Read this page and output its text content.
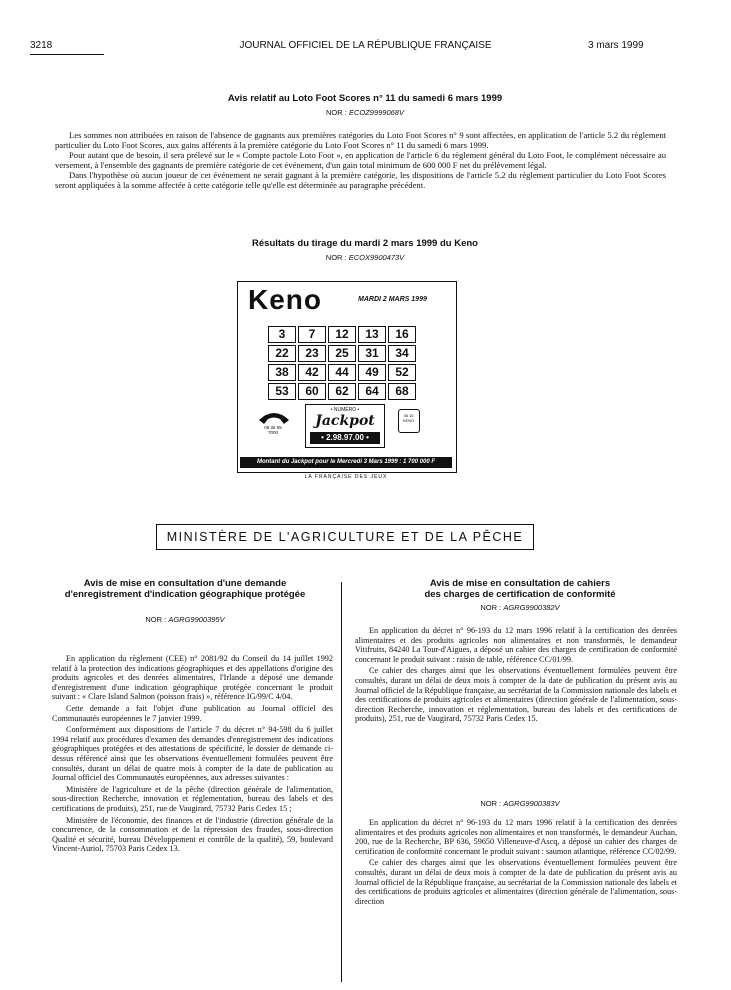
3218	JOURNAL OFFICIEL DE LA RÉPUBLIQUE FRANÇAISE	3 mars 1999
Avis relatif au Loto Foot Scores n° 11 du samedi 6 mars 1999
NOR : ECOZ9999068V

Les sommes non attribuées en raison de l'absence de gagnants aux premières catégories du Loto Foot Scores n° 9 sont affectées, en application de l'article 5.2 du règlement particulier du Loto Foot Scores, aux gains afférents à la première catégorie du Loto Foot Scores n° 11 du samedi 6 mars 1999.

Pour autant que de besoin, il sera prélevé sur le « Compte pactole Loto Foot », en application de l'article 6 du règlement général du Loto Foot, le complément nécessaire au versement, à l'ensemble des gagnants de première catégorie de cet événement, d'un gain total minimum de 600 000 F net du prélèvement légal.

Dans l'hypothèse où aucun joueur de cet événement ne serait gagnant à la première catégorie, les dispositions de l'article 5.2 du règlement particulier du Loto Foot Scores seront appliquées à la somme affectée à cette catégorie telle qu'elle est déterminée au paragraphe précédent.

Résultats du tirage du mardi 2 mars 1999 du Keno
NOR : ECOX9900473V
Keno	MARDI 2 MARS 1999
3	7	12	13	16
22	23	25	31	34
38	42	44	49	52
53	60	62	64	68
08 36 65 7000
• NUMÉRO •
Jackpot
• 2.98.97.00 •
36 15 KENO
Montant du Jackpot pour le Mercredi 3 Mars 1999 : 1 700 000 F
LA FRANÇAISE DES JEUX
MINISTÈRE DE L'AGRICULTURE ET DE LA PÊCHE
Avis de mise en consultation d'une demande
d'enregistrement d'indication géographique protégée
NOR : AGRG9900395V

En application du règlement (CEE) n° 2081/92 du Conseil du 14 juillet 1992 relatif à la protection des indications géographiques et des appellations d'origine des produits agricoles et des denrées alimentaires, l'Irlande a déposé une demande d'enregistrement d'une indication géographique protégée concernant le produit suivant : « Clare Island Salmon (poisson frais) », référence IG/99/C 4/04.

Cette demande a fait l'objet d'une publication au Journal officiel des Communautés européennes le 7 janvier 1999.

Conformément aux dispositions de l'article 7 du décret n° 94-598 du 6 juillet 1994 relatif aux procédures d'examen des demandes d'enregistrement des indications géographiques protégées et des attestations de spécificité, le dossier de demande ci-dessus référencé ainsi que les observations éventuellement formulées peuvent être consultés, durant un délai de quatre mois à compter de la date de publication au Journal officiel des Communautés européennes, aux adresses suivantes :

Ministère de l'agriculture et de la pêche (direction générale de l'alimentation, sous-direction Recherche, innovation et réglementation, bureau des labels et des certifications de produits), 251, rue de Vaugirard, 75732 Paris Cedex 15 ;

Ministère de l'économie, des finances et de l'industrie (direction générale de la concurrence, de la consommation et de la répression des fraudes, sous-direction Qualité et sécurité, bureau Développement et contrôle de la qualité), 59, boulevard Vincent-Auriol, 75703 Paris Cedex 13.

Avis de mise en consultation de cahiers
des charges de certification de conformité
NOR : AGRG9900382V

En application du décret n° 96-193 du 12 mars 1996 relatif à la certification des denrées alimentaires et des produits agricoles non alimentaires et non transformés, le demandeur Vitifruits, 84240 La Tour-d'Aigues, a déposé un cahier des charges de certification de conformité concernant le produit suivant : raisin de table, référence CC/01/99.

Ce cahier des charges ainsi que les observations éventuellement formulées peuvent être consultés, durant un délai de deux mois à compter de la date de publication du présent avis au Journal officiel de la République française, au secrétariat de la Commission nationale des labels et des certifications de produits agricoles et alimentaires (direction générale de l'alimentation, sous-direction Recherche, innovation et réglementation, bureau des labels et des certifications de produits), 251, rue de Vaugirard, 75732 Paris Cedex 15.

NOR : AGRG9900383V

En application du décret n° 96-193 du 12 mars 1996 relatif à la certification des denrées alimentaires et des produits agricoles non alimentaires et non transformés, le demandeur Auchan, 200, rue de la Recherche, BP 636, 59650 Villeneuve-d'Ascq, a déposé un cahier des charges de certification de conformité concernant le produit suivant : saumon atlantique, référence CC/02/99.

Ce cahier des charges ainsi que les observations éventuellement formulées peuvent être consultés, durant un délai de deux mois à compter de la date de publication du présent avis au Journal officiel de la République française, au secrétariat de la Commission nationale des labels et des certifications de produits agricoles et alimentaires (direction générale de l'alimentation, sous-direction
